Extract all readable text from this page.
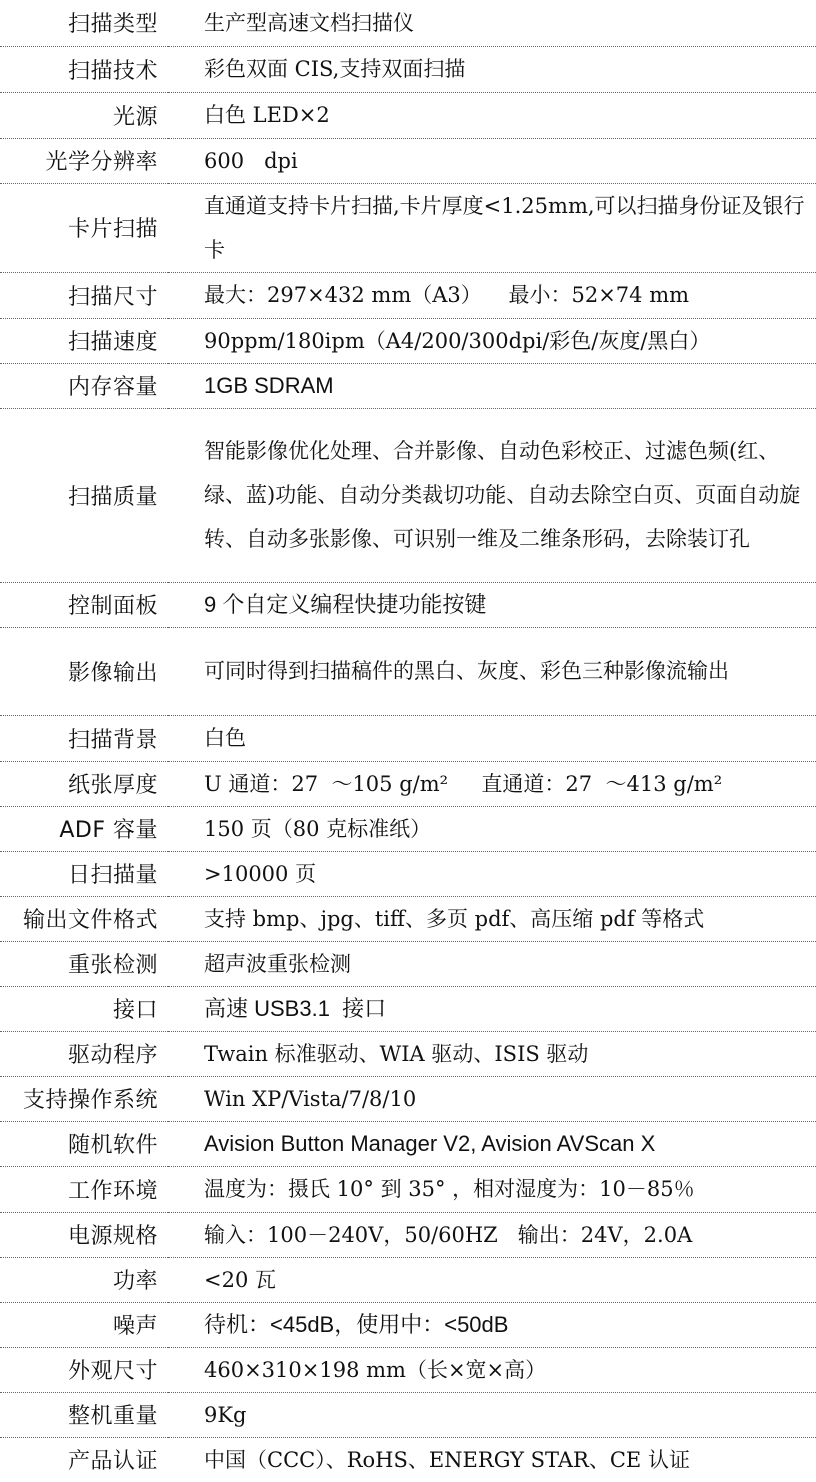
扫描类型	生产型高速文档扫描仪
扫描技术	彩色双面 CIS,支持双面扫描
光源	白色 LED×2
光学分辨率	600   dpi
卡片扫描	直通道支持卡片扫描,卡片厚度<1.25mm,可以扫描身份证及银行卡
扫描尺寸	最大：297×432 mm（A3）    最小：52×74 mm
扫描速度	90ppm/180ipm（A4/200/300dpi/彩色/灰度/黑白）
内存容量	1GB SDRAM
扫描质量	智能影像优化处理、合并影像、自动色彩校正、过滤色频(红、绿、蓝)功能、自动分类裁切功能、自动去除空白页、页面自动旋转、自动多张影像、可识别一维及二维条形码，去除装订孔
控制面板	9 个自定义编程快捷功能按键
影像输出	可同时得到扫描稿件的黑白、灰度、彩色三种影像流输出
扫描背景	白色
纸张厚度	U 通道：27  ～105 g/m²     直通道：27  ～413 g/m²
ADF 容量	150 页（80 克标准纸）
日扫描量	>10000 页
输出文件格式	支持 bmp、jpg、tiff、多页 pdf、高压缩 pdf 等格式
重张检测	超声波重张检测
接口	高速 USB3.1  接口
驱动程序	Twain 标准驱动、WIA 驱动、ISIS 驱动
支持操作系统	Win XP/Vista/7/8/10
随机软件	Avision Button Manager V2, Avision AVScan X
工作环境	温度为：摄氏 10° 到 35° ，相对湿度为：10－85％
电源规格	输入：100－240V，50/60HZ   输出：24V，2.0A
功率	<20 瓦
噪声	待机：<45dB，使用中：<50dB
外观尺寸	460×310×198 mm（长×宽×高）
整机重量	9Kg
产品认证	中国（CCC）、RoHS、ENERGY STAR、CE 认证
